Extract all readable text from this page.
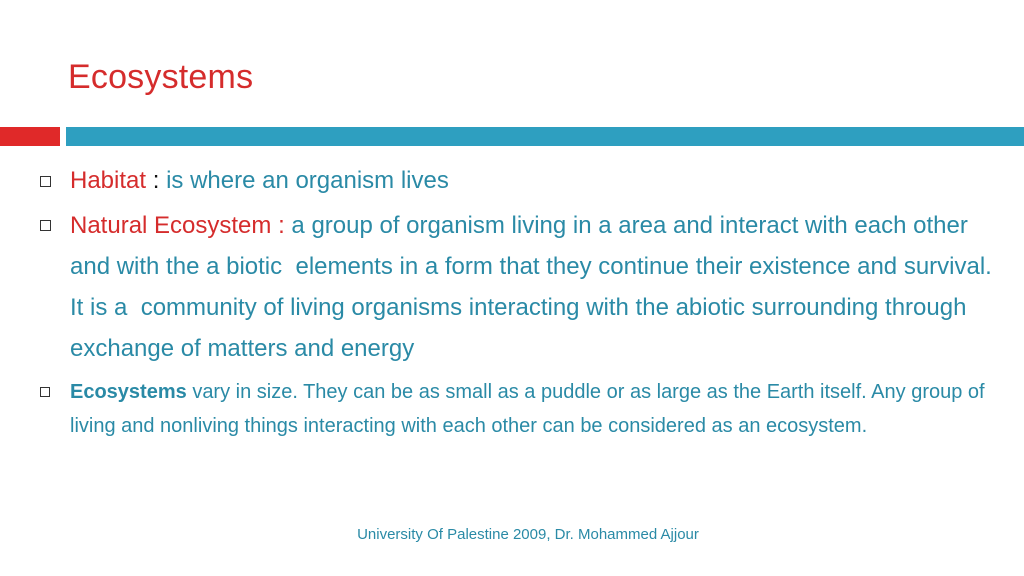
Ecosystems
Habitat : is where an organism lives
Natural Ecosystem : a group of organism living in a area and interact with each other and with the a biotic  elements in a form that they continue their existence and survival. It is a  community of living organisms interacting with the abiotic surrounding through exchange of matters and energy
Ecosystems vary in size. They can be as small as a puddle or as large as the Earth itself. Any group of living and nonliving things interacting with each other can be considered as an ecosystem.
University Of Palestine 2009, Dr. Mohammed Ajjour
